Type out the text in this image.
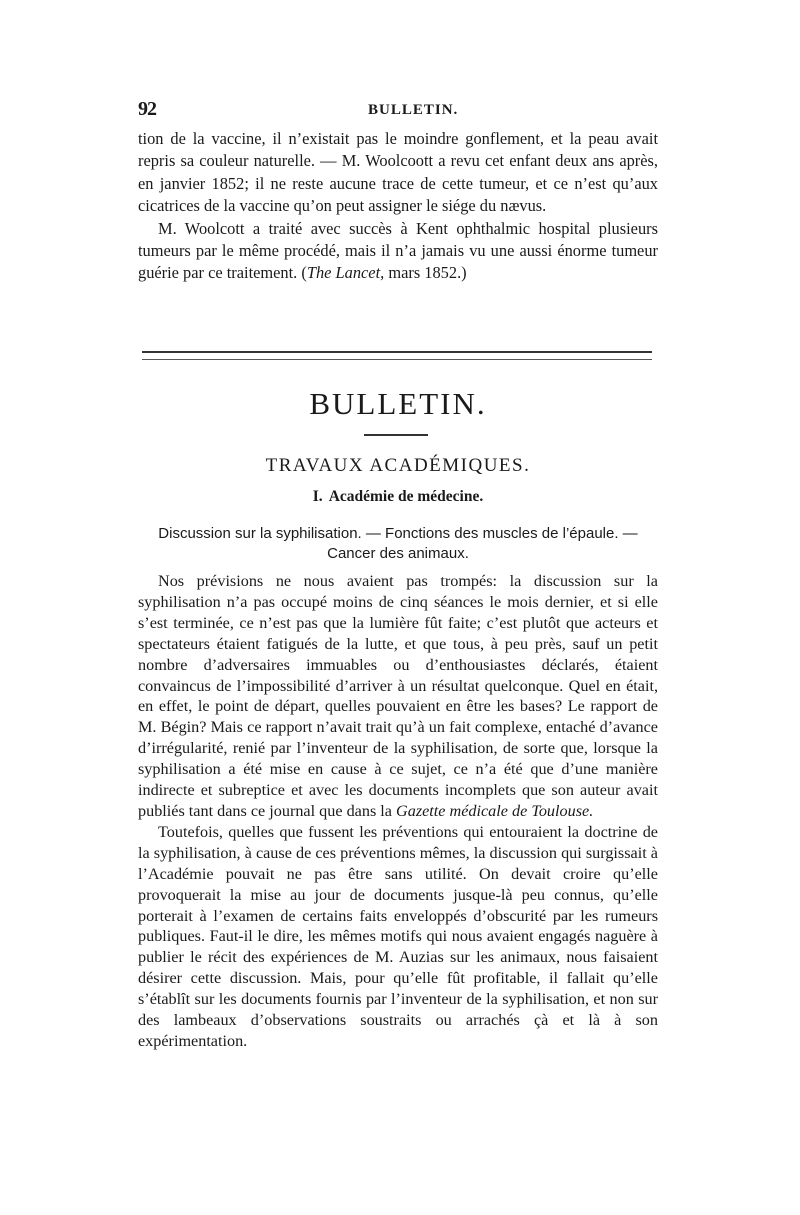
92	BULLETIN.

tion de la vaccine, il n’existait pas le moindre gonflement, et la peau avait repris sa couleur naturelle. — M. Woolcoott a revu cet enfant deux ans après, en janvier 1852; il ne reste aucune trace de cette tumeur, et ce n’est qu’aux cicatrices de la vaccine qu’on peut assigner le siége du nævus.

M. Woolcott a traité avec succès à Kent ophthalmic hospital plusieurs tumeurs par le même procédé, mais il n’a jamais vu une aussi énorme tumeur guérie par ce traitement. (The Lancet, mars 1852.)

BULLETIN.
TRAVAUX ACADÉMIQUES.
I. Académie de médecine.
Discussion sur la syphilisation. — Fonctions des muscles de l’épaule. — Cancer des animaux.

Nos prévisions ne nous avaient pas trompés: la discussion sur la syphilisation n’a pas occupé moins de cinq séances le mois dernier, et si elle s’est terminée, ce n’est pas que la lumière fût faite; c’est plutôt que acteurs et spectateurs étaient fatigués de la lutte, et que tous, à peu près, sauf un petit nombre d’adversaires immuables ou d’enthousiastes déclarés, étaient convaincus de l’impossibilité d’arriver à un résultat quelconque. Quel en était, en effet, le point de départ, quelles pouvaient en être les bases? Le rapport de M. Bégin? Mais ce rapport n’avait trait qu’à un fait complexe, entaché d’avance d’irrégularité, renié par l’inventeur de la syphilisation, de sorte que, lorsque la syphilisation a été mise en cause à ce sujet, ce n’a été que d’une manière indirecte et subreptice et avec les documents incomplets que son auteur avait publiés tant dans ce journal que dans la Gazette médicale de Toulouse.

Toutefois, quelles que fussent les préventions qui entouraient la doctrine de la syphilisation, à cause de ces préventions mêmes, la discussion qui surgissait à l’Académie pouvait ne pas être sans utilité. On devait croire qu’elle provoquerait la mise au jour de documents jusque-là peu connus, qu’elle porterait à l’examen de certains faits enveloppés d’obscurité par les rumeurs publiques. Faut-il le dire, les mêmes motifs qui nous avaient engagés naguère à publier le récit des expériences de M. Auzias sur les animaux, nous faisaient désirer cette discussion. Mais, pour qu’elle fût profitable, il fallait qu’elle s’établît sur les documents fournis par l’inventeur de la syphilisation, et non sur des lambeaux d’observations soustraits ou arrachés çà et là à son expérimentation.
